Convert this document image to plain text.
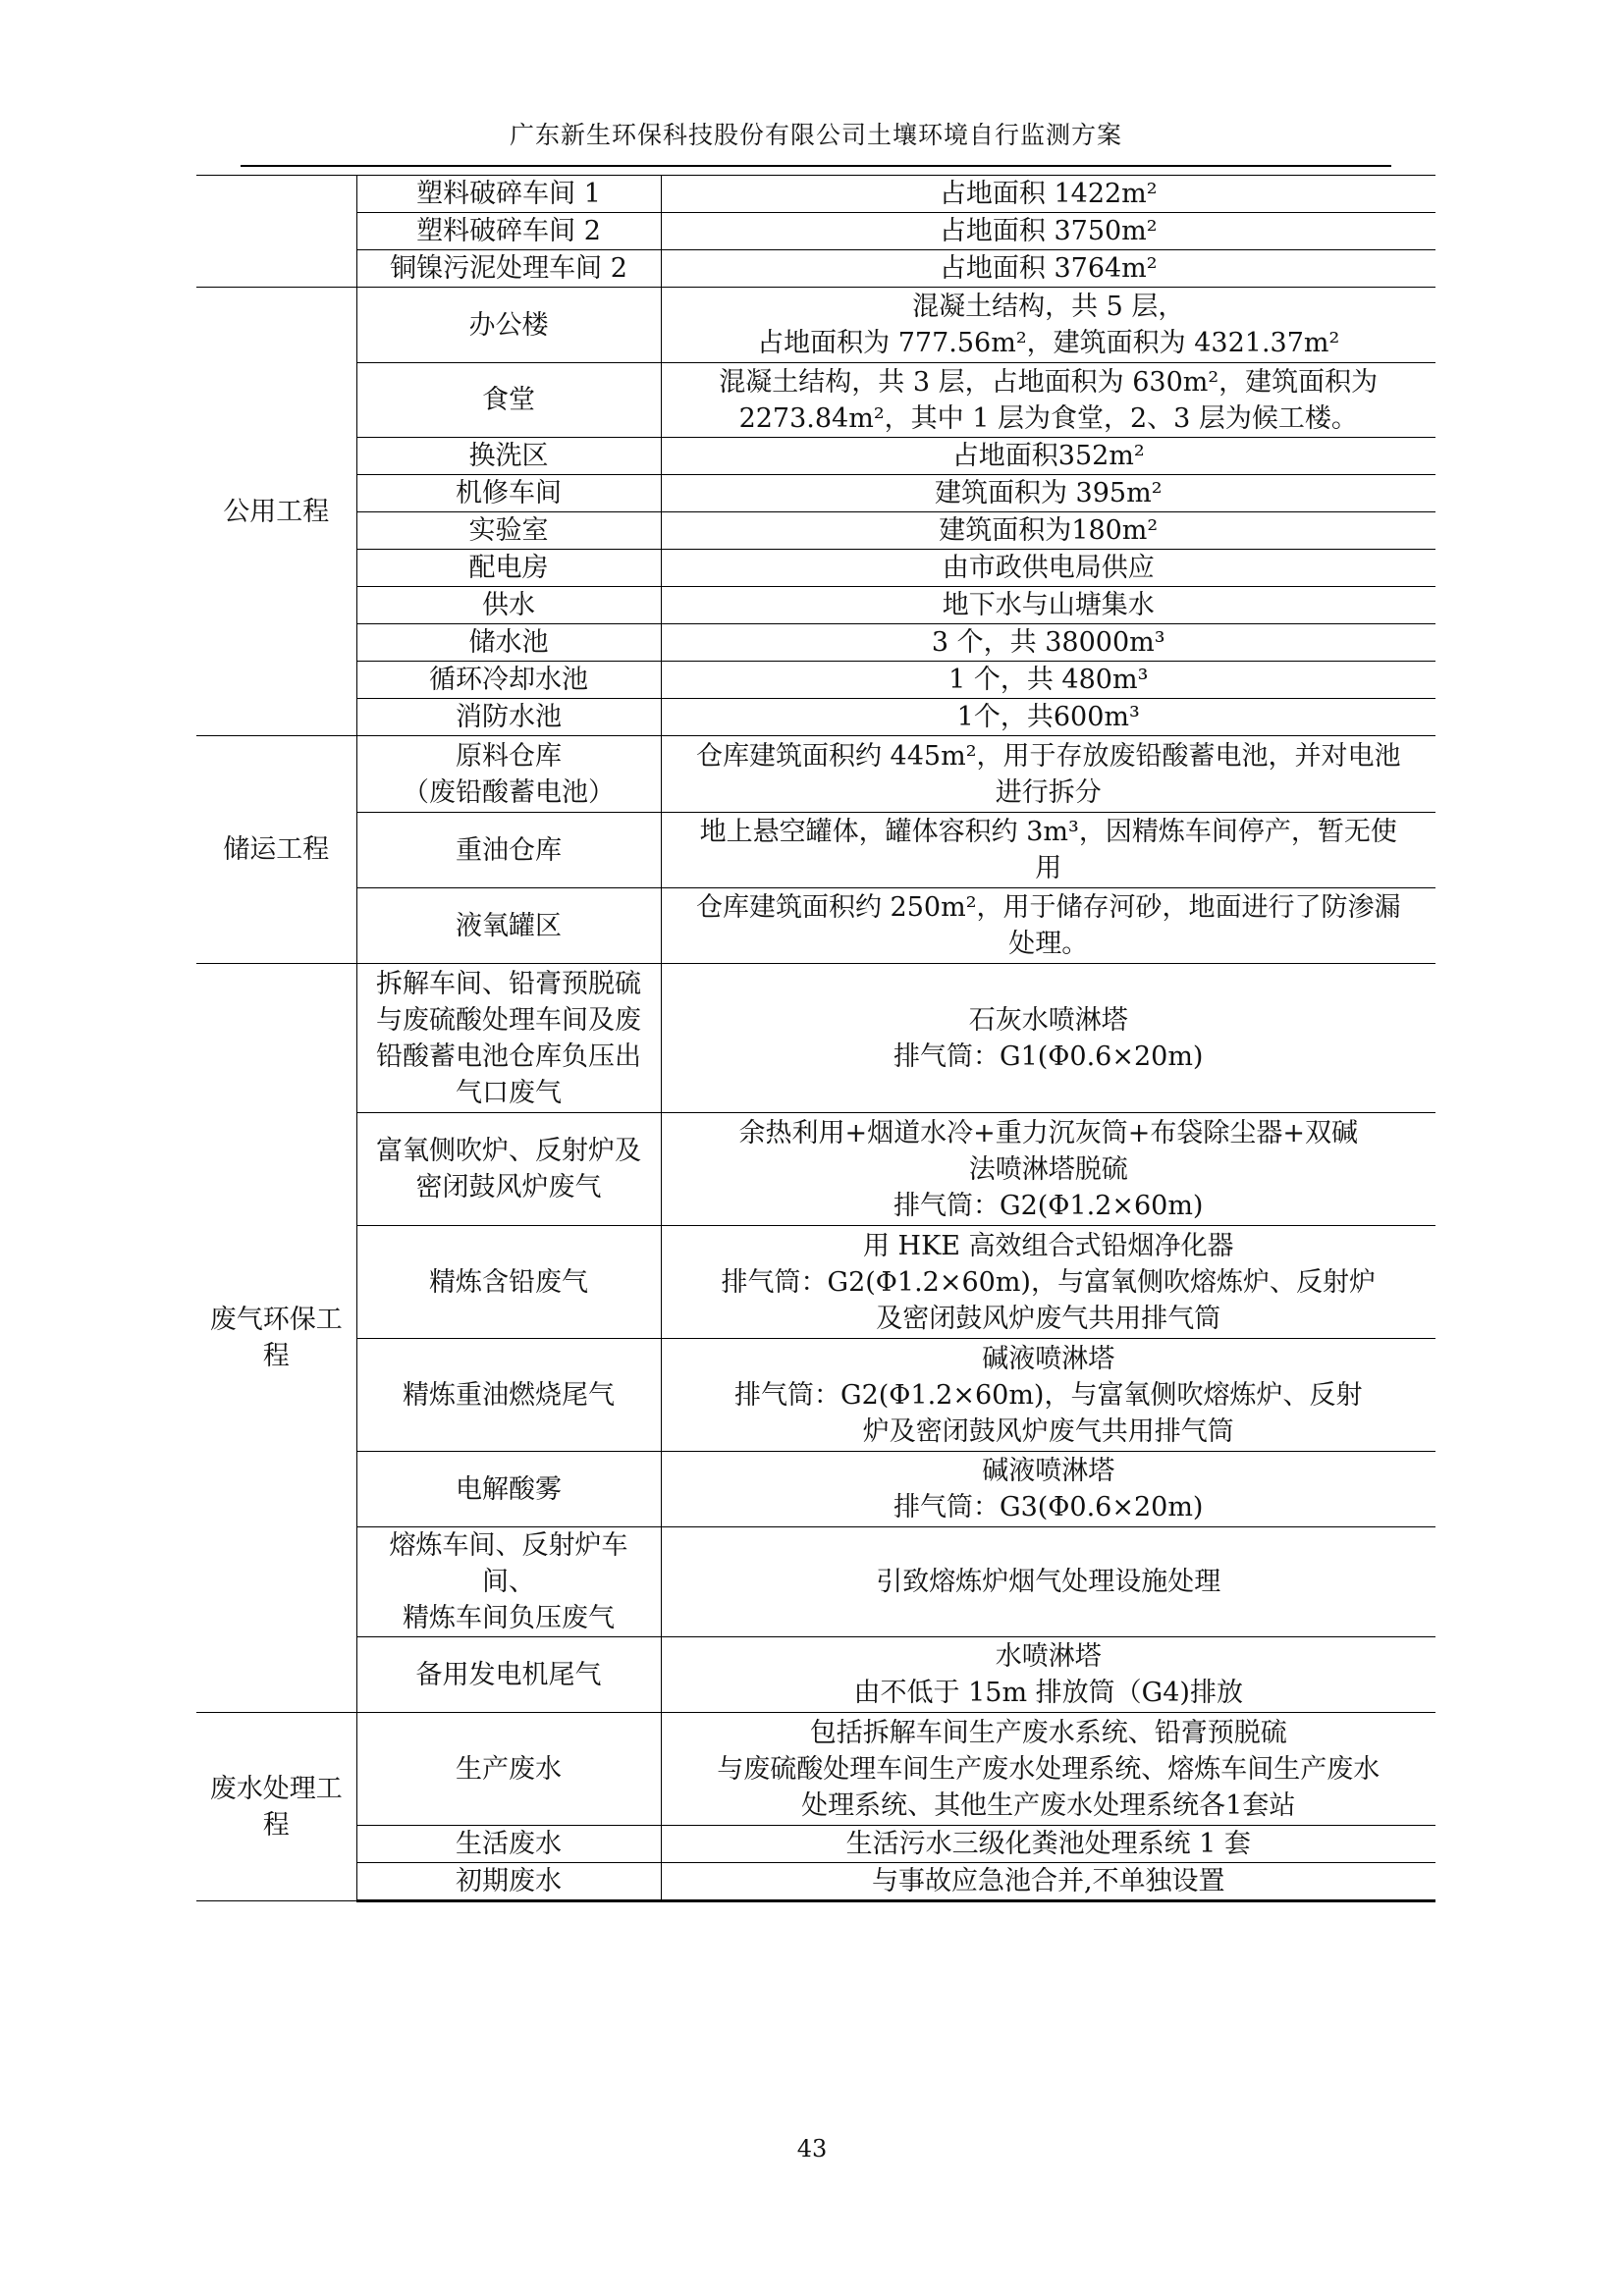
广东新生环保科技股份有限公司土壤环境自行监测方案
	塑料破碎车间 1	占地面积 1422m²

	塑料破碎车间 2	占地面积 3750m²

	铜镍污泥处理车间 2	占地面积 3764m²

公用工程	办公楼	混凝土结构，共 5 层，
占地面积为 777.56m²，建筑面积为 4321.37m²

	食堂	混凝土结构，共 3 层，占地面积为 630m²，建筑面积为
2273.84m²，其中 1 层为食堂，2、3 层为候工楼。

	换洗区	占地面积352m²

	机修车间	建筑面积为 395m²

	实验室	建筑面积为180m²

	配电房	由市政供电局供应

	供水	地下水与山塘集水

	储水池	3 个，共 38000m³

	循环冷却水池	1 个，共 480m³

	消防水池	1个，共600m³

储运工程	原料仓库
（废铅酸蓄电池）	仓库建筑面积约 445m²，用于存放废铅酸蓄电池，并对电池
进行拆分

	重油仓库	地上悬空罐体，罐体容积约 3m³，因精炼车间停产，暂无使
用

	液氧罐区	仓库建筑面积约 250m²，用于储存河砂，地面进行了防渗漏
处理。

废气环保工
程	拆解车间、铅膏预脱硫
与废硫酸处理车间及废
铅酸蓄电池仓库负压出
气口废气	石灰水喷淋塔
排气筒：G1(Φ0.6×20m)

	富氧侧吹炉、反射炉及
密闭鼓风炉废气	余热利用+烟道水冷+重力沉灰筒+布袋除尘器+双碱
法喷淋塔脱硫
排气筒：G2(Φ1.2×60m)

	精炼含铅废气	用 HKE 高效组合式铅烟净化器
排气筒：G2(Φ1.2×60m)，与富氧侧吹熔炼炉、反射炉
及密闭鼓风炉废气共用排气筒

	精炼重油燃烧尾气	碱液喷淋塔
排气筒：G2(Φ1.2×60m)，与富氧侧吹熔炼炉、反射
炉及密闭鼓风炉废气共用排气筒

	电解酸雾	碱液喷淋塔
排气筒：G3(Φ0.6×20m)

	熔炼车间、反射炉车间、
精炼车间负压废气	引致熔炼炉烟气处理设施处理

	备用发电机尾气	水喷淋塔
由不低于 15m 排放筒（G4)排放

废水处理工
程	生产废水	包括拆解车间生产废水系统、铅膏预脱硫
与废硫酸处理车间生产废水处理系统、熔炼车间生产废水
处理系统、其他生产废水处理系统各1套站

	生活废水	生活污水三级化粪池处理系统 1 套

	初期废水	与事故应急池合并,不单独设置
43
